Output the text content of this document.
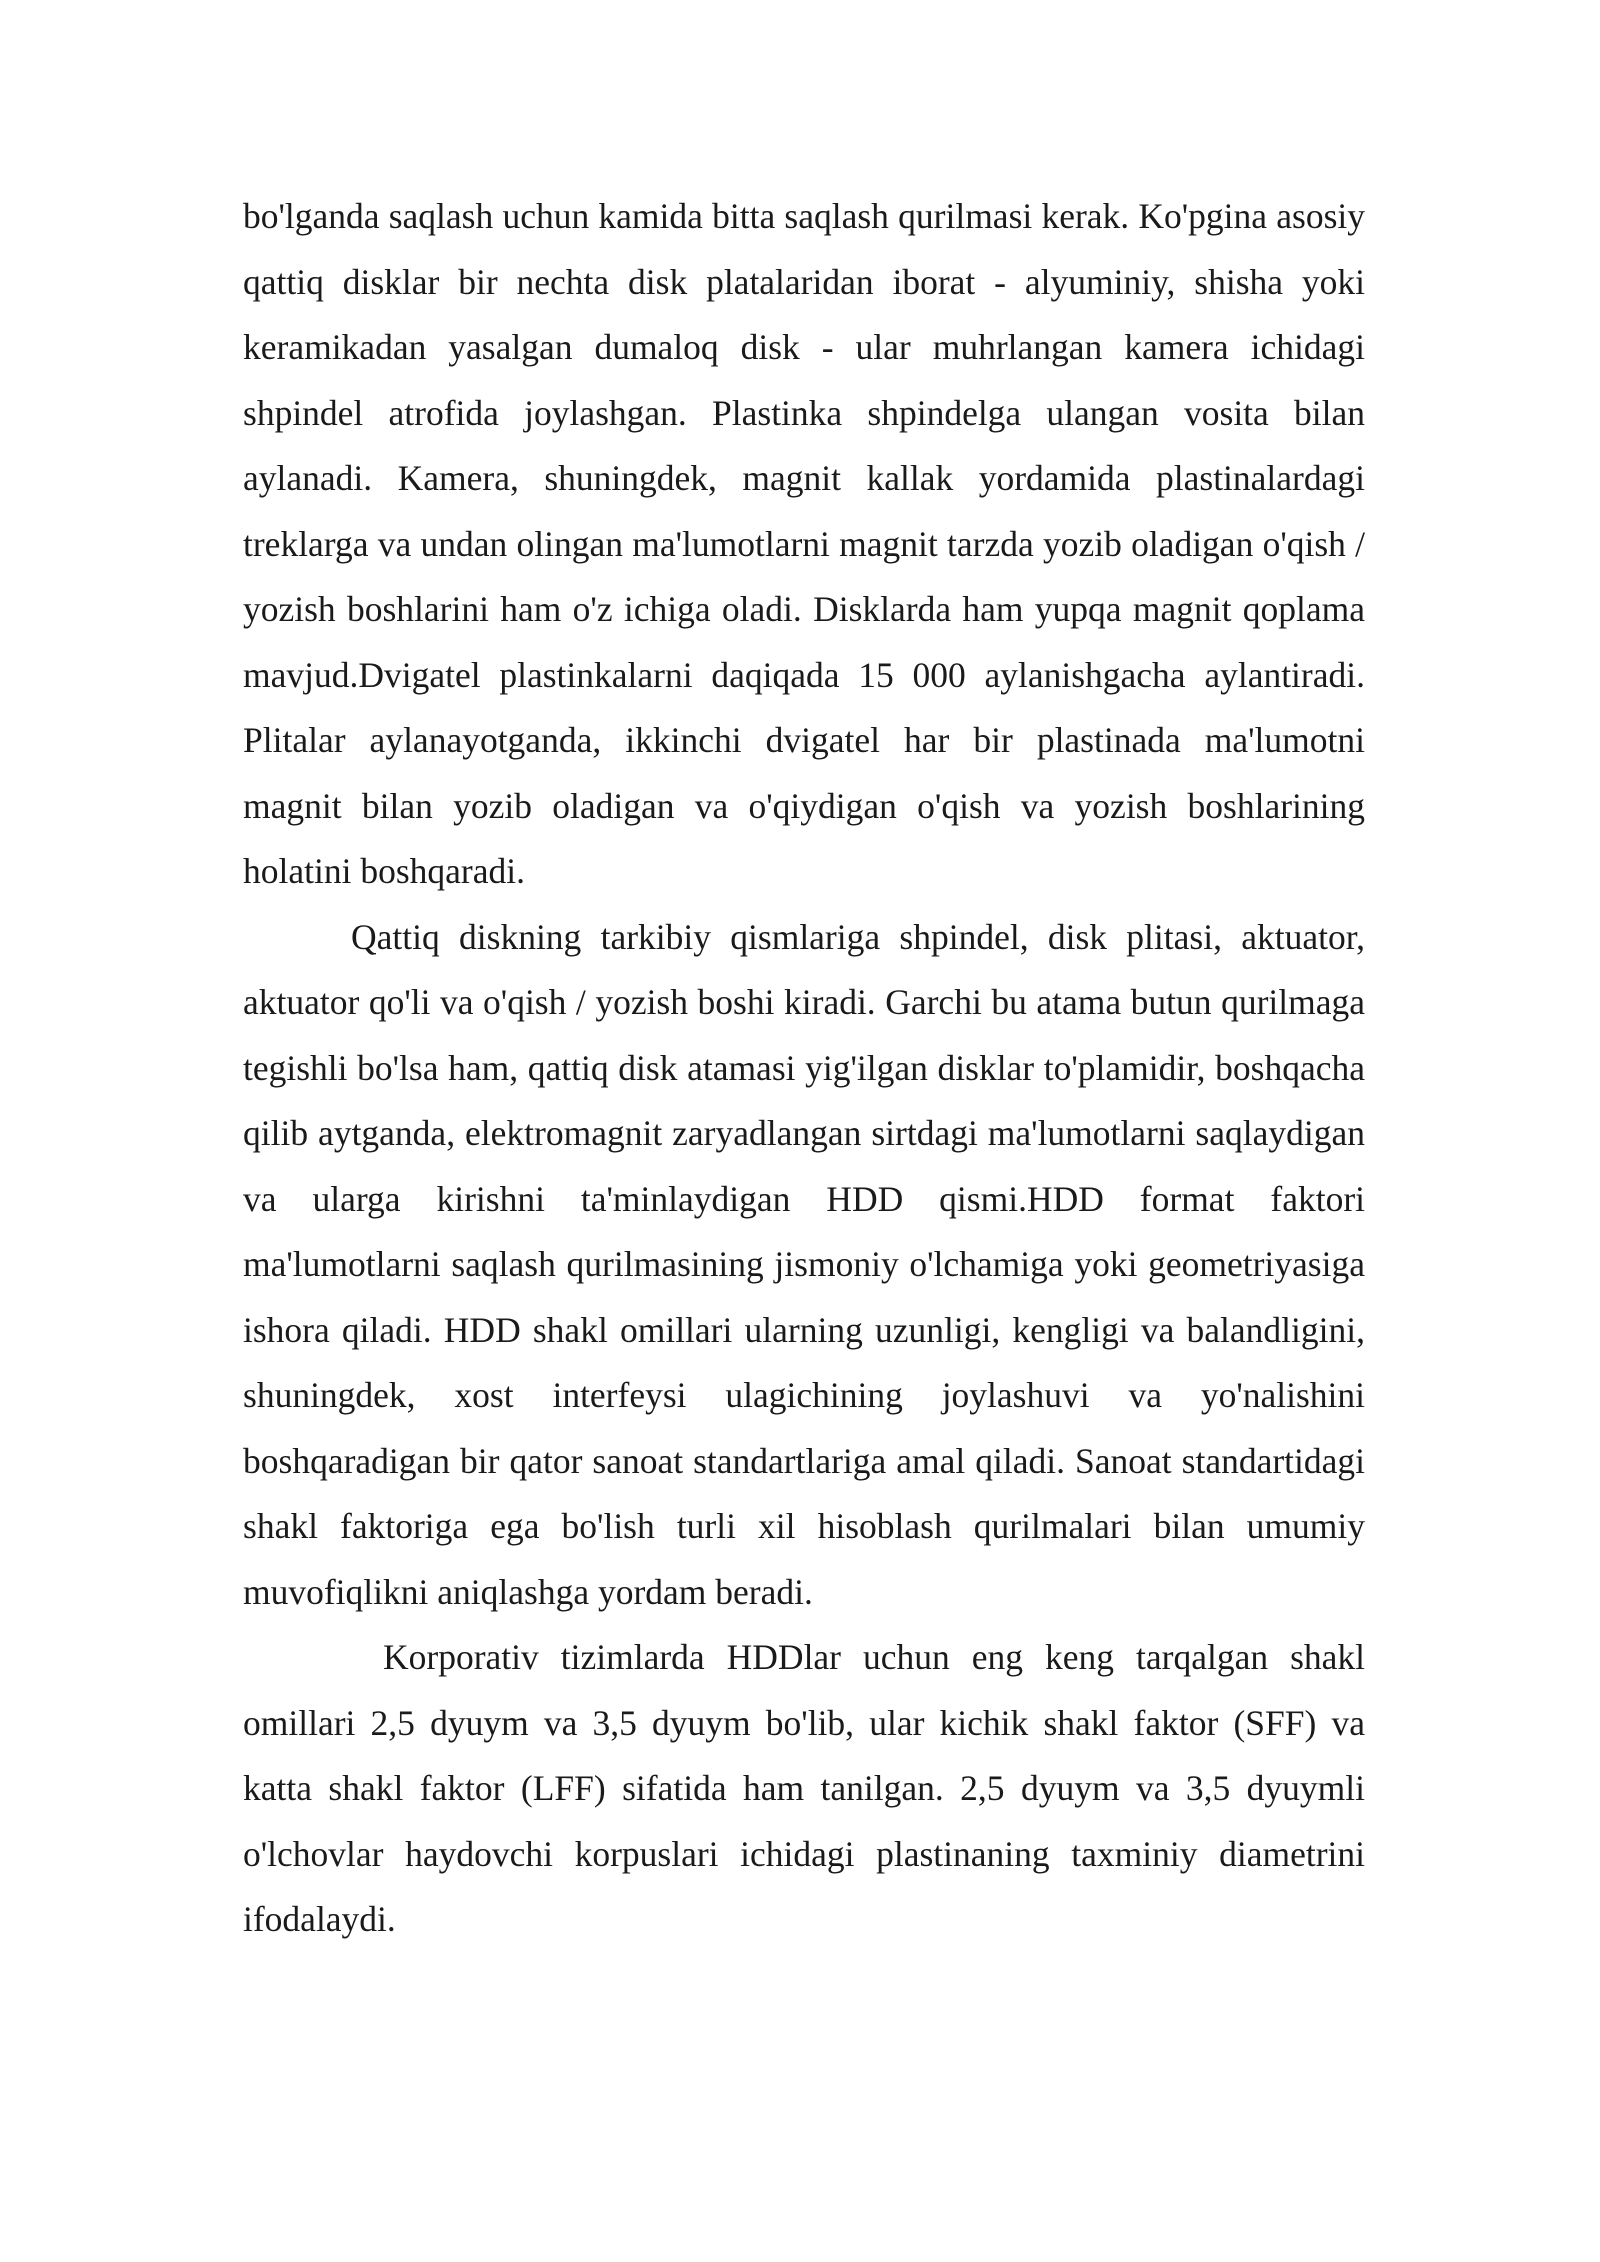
bo'lganda saqlash uchun kamida bitta saqlash qurilmasi kerak. Ko'pgina asosiy qattiq disklar bir nechta disk platalaridan iborat - alyuminiy, shisha yoki keramikadan yasalgan dumaloq disk - ular muhrlangan kamera ichidagi shpindel atrofida joylashgan. Plastinka shpindelga ulangan vosita bilan aylanadi. Kamera, shuningdek, magnit kallak yordamida plastinalardagi treklarga va undan olingan ma'lumotlarni magnit tarzda yozib oladigan o'qish / yozish boshlarini ham o'z ichiga oladi. Disklarda ham yupqa magnit qoplama mavjud.Dvigatel plastinkalarni daqiqada 15 000 aylanishgacha aylantiradi. Plitalar aylanayotganda, ikkinchi dvigatel har bir plastinada ma'lumotni magnit bilan yozib oladigan va o'qiydigan o'qish va yozish boshlarining holatini boshqaradi.

Qattiq diskning tarkibiy qismlariga shpindel, disk plitasi, aktuator, aktuator qo'li va o'qish / yozish boshi kiradi. Garchi bu atama butun qurilmaga tegishli bo'lsa ham, qattiq disk atamasi yig'ilgan disklar to'plamidir, boshqacha qilib aytganda, elektromagnit zaryadlangan sirtdagi ma'lumotlarni saqlaydigan va ularga kirishni ta'minlaydigan HDD qismi.HDD format faktori ma'lumotlarni saqlash qurilmasining jismoniy o'lchamiga yoki geometriyasiga ishora qiladi. HDD shakl omillari ularning uzunligi, kengligi va balandligini, shuningdek, xost interfeysi ulagichining joylashuvi va yo'nalishini boshqaradigan bir qator sanoat standartlariga amal qiladi. Sanoat standartidagi shakl faktoriga ega bo'lish turli xil hisoblash qurilmalari bilan umumiy muvofiqlikni aniqlashga yordam beradi.

Korporativ tizimlarda HDDlar uchun eng keng tarqalgan shakl omillari 2,5 dyuym va 3,5 dyuym bo'lib, ular kichik shakl faktor (SFF) va katta shakl faktor (LFF) sifatida ham tanilgan. 2,5 dyuym va 3,5 dyuymli o'lchovlar haydovchi korpuslari ichidagi plastinaning taxminiy diametrini ifodalaydi.
